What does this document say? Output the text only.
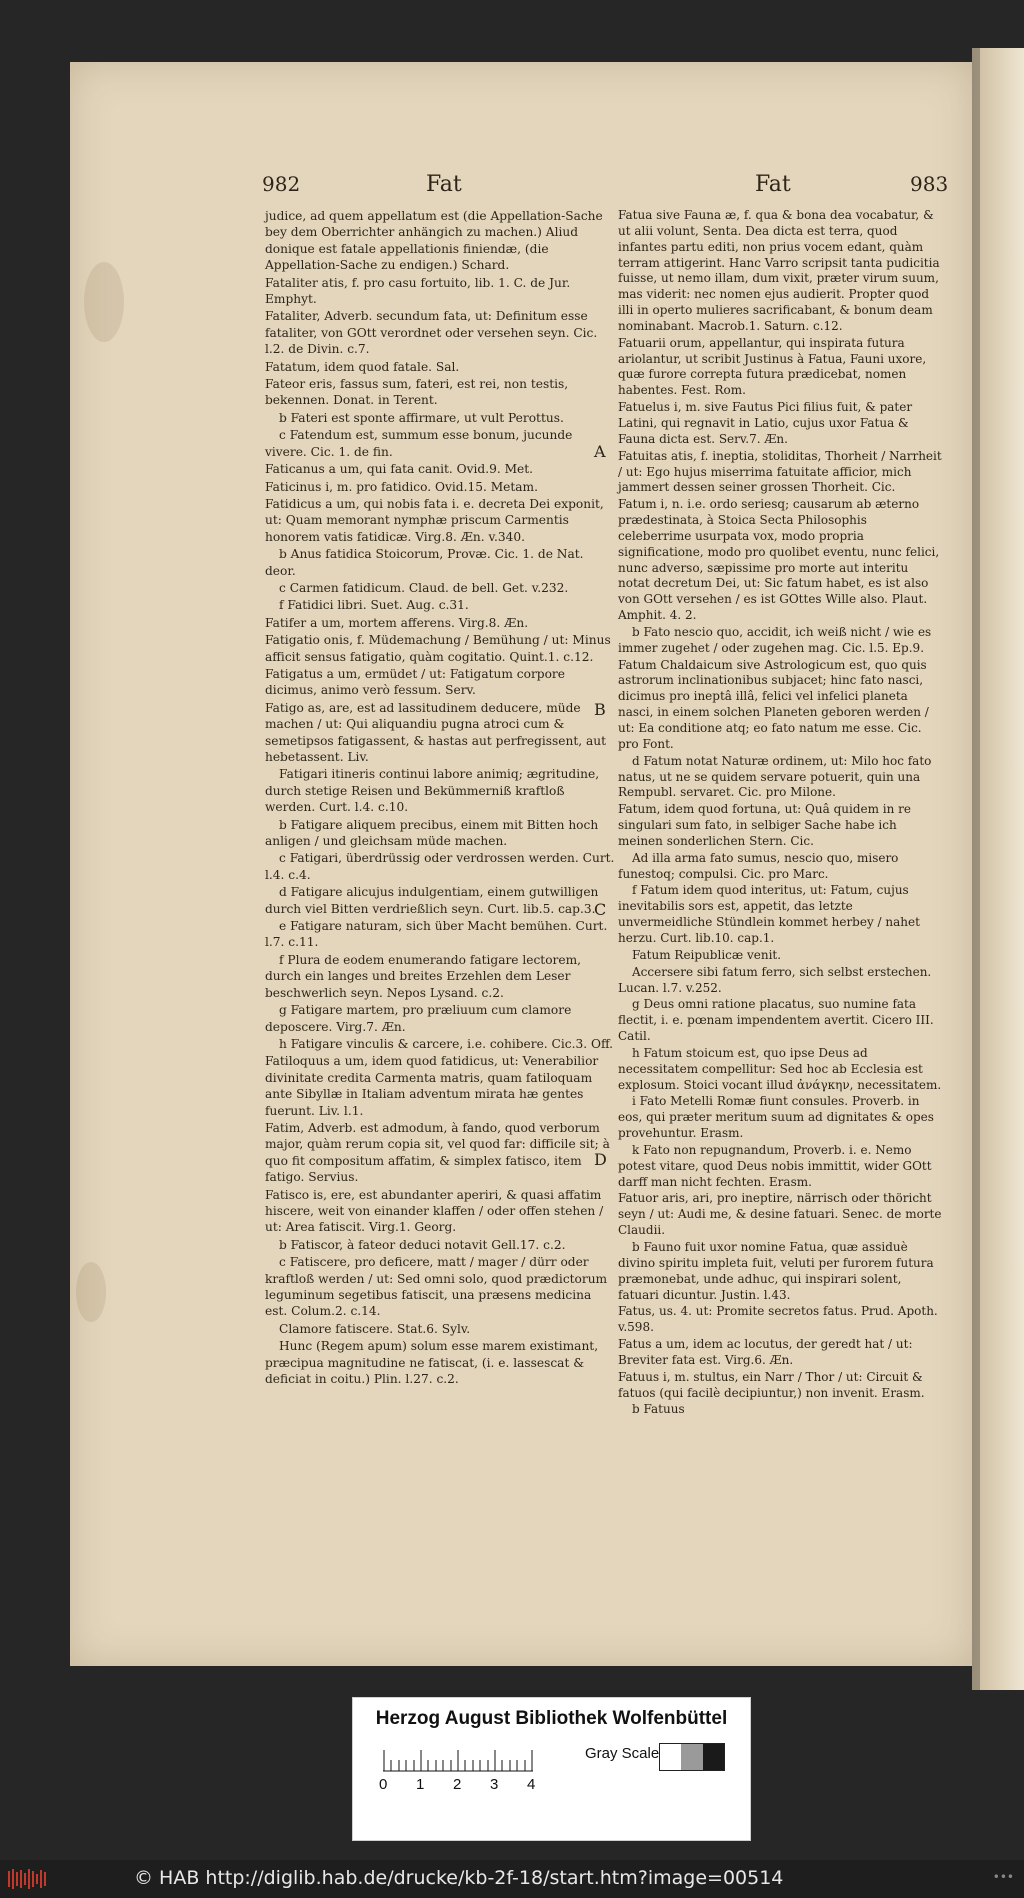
982	Fat	Fat	983

judice, ad quem appellatum est (die Appellation-Sache bey dem Oberrichter anhängich zu machen.) Aliud donique est fatale appellationis finiendæ, (die Appellation-Sache zu endigen.) Schard.

Fataliter atis, f. pro casu fortuito, lib. 1. C. de Jur. Emphyt.

Fataliter, Adverb. secundum fata, ut: Definitum esse fataliter, von GOtt verordnet oder versehen seyn. Cic. l.2. de Divin. c.7.

Fatatum, idem quod fatale. Sal.

Fateor eris, fassus sum, fateri, est rei, non testis, bekennen. Donat. in Terent.

b Fateri est sponte affirmare, ut vult Perottus.

c Fatendum est, summum esse bonum, jucunde vivere. Cic. 1. de fin.

Faticanus a um, qui fata canit. Ovid.9. Met.

Faticinus i, m. pro fatidico. Ovid.15. Metam.

Fatidicus a um, qui nobis fata i. e. decreta Dei exponit, ut: Quam memorant nymphæ priscum Carmentis honorem vatis fatidicæ. Virg.8. Æn. v.340.

b Anus fatidica Stoicorum, Provæ. Cic. 1. de Nat. deor.

c Carmen fatidicum. Claud. de bell. Get. v.232.

f Fatidici libri. Suet. Aug. c.31.

Fatifer a um, mortem afferens. Virg.8. Æn.

Fatigatio onis, f. Müdemachung / Bemühung / ut: Minus afficit sensus fatigatio, quàm cogitatio. Quint.1. c.12.

Fatigatus a um, ermüdet / ut: Fatigatum corpore dicimus, animo verò fessum. Serv.

Fatigo as, are, est ad lassitudinem deducere, müde machen / ut: Qui aliquandiu pugna atroci cum & semetipsos fatigassent, & hastas aut perfregissent, aut hebetassent. Liv.

Fatigari itineris continui labore animiq; ægritudine, durch stetige Reisen und Bekümmerniß kraftloß werden. Curt. l.4. c.10.

b Fatigare aliquem precibus, einem mit Bitten hoch anligen / und gleichsam müde machen.

c Fatigari, überdrüssig oder verdrossen werden. Curt. l.4. c.4.

d Fatigare alicujus indulgentiam, einem gutwilligen durch viel Bitten verdrießlich seyn. Curt. lib.5. cap.3.

e Fatigare naturam, sich über Macht bemühen. Curt. l.7. c.11.

f Plura de eodem enumerando fatigare lectorem, durch ein langes und breites Erzehlen dem Leser beschwerlich seyn. Nepos Lysand. c.2.

g Fatigare martem, pro præliuum cum clamore deposcere. Virg.7. Æn.

h Fatigare vinculis & carcere, i.e. cohibere. Cic.3. Off.

Fatiloquus a um, idem quod fatidicus, ut: Venerabilior divinitate credita Carmenta matris, quam fatiloquam ante Sibyllæ in Italiam adventum mirata hæ gentes fuerunt. Liv. l.1.

Fatim, Adverb. est admodum, à fando, quod verborum major, quàm rerum copia sit, vel quod far: difficile sit; à quo fit compositum affatim, & simplex fatisco, item fatigo. Servius.

Fatisco is, ere, est abundanter aperiri, & quasi affatim hiscere, weit von einander klaffen / oder offen stehen / ut: Area fatiscit. Virg.1. Georg.

b Fatiscor, à fateor deduci notavit Gell.17. c.2.

c Fatiscere, pro deficere, matt / mager / dürr oder kraftloß werden / ut: Sed omni solo, quod prædictorum leguminum segetibus fatiscit, una præsens medicina est. Colum.2. c.14.

Clamore fatiscere. Stat.6. Sylv.

Hunc (Regem apum) solum esse marem existimant, præcipua magnitudine ne fatiscat, (i. e. lassescat & deficiat in coitu.) Plin. l.27. c.2.

Fatua sive Fauna æ, f. qua & bona dea vocabatur, & ut alii volunt, Senta. Dea dicta est terra, quod infantes partu editi, non prius vocem edant, quàm terram attigerint. Hanc Varro scripsit tanta pudicitia fuisse, ut nemo illam, dum vixit, præter virum suum, mas viderit: nec nomen ejus audierit. Propter quod illi in operto mulieres sacrificabant, & bonum deam nominabant. Macrob.1. Saturn. c.12.

Fatuarii orum, appellantur, qui inspirata futura ariolantur, ut scribit Justinus à Fatua, Fauni uxore, quæ furore correpta futura prædicebat, nomen habentes. Fest. Rom.

Fatuelus i, m. sive Fautus Pici filius fuit, & pater Latini, qui regnavit in Latio, cujus uxor Fatua & Fauna dicta est. Serv.7. Æn.

Fatuitas atis, f. ineptia, stoliditas, Thorheit / Narrheit / ut: Ego hujus miserrima fatuitate afficior, mich jammert dessen seiner grossen Thorheit. Cic.

Fatum i, n. i.e. ordo seriesq; causarum ab æterno prædestinata, à Stoica Secta Philosophis celeberrime usurpata vox, modo propria significatione, modo pro quolibet eventu, nunc felici, nunc adverso, sæpissime pro morte aut interitu notat decretum Dei, ut: Sic fatum habet, es ist also von GOtt versehen / es ist GOttes Wille also. Plaut. Amphit. 4. 2.

b Fato nescio quo, accidit, ich weiß nicht / wie es immer zugehet / oder zugehen mag. Cic. l.5. Ep.9.

Fatum Chaldaicum sive Astrologicum est, quo quis astrorum inclinationibus subjacet; hinc fato nasci, dicimus pro ineptâ illâ, felici vel infelici planeta nasci, in einem solchen Planeten geboren werden / ut: Ea conditione atq; eo fato natum me esse. Cic. pro Font.

d Fatum notat Naturæ ordinem, ut: Milo hoc fato natus, ut ne se quidem servare potuerit, quin una Rempubl. servaret. Cic. pro Milone.

Fatum, idem quod fortuna, ut: Quâ quidem in re singulari sum fato, in selbiger Sache habe ich meinen sonderlichen Stern. Cic.

Ad illa arma fato sumus, nescio quo, misero funestoq; compulsi. Cic. pro Marc.

f Fatum idem quod interitus, ut: Fatum, cujus inevitabilis sors est, appetit, das letzte unvermeidliche Stündlein kommet herbey / nahet herzu. Curt. lib.10. cap.1.

Fatum Reipublicæ venit.

Accersere sibi fatum ferro, sich selbst erstechen. Lucan. l.7. v.252.

g Deus omni ratione placatus, suo numine fata flectit, i. e. pœnam impendentem avertit. Cicero III. Catil.

h Fatum stoicum est, quo ipse Deus ad necessitatem compellitur: Sed hoc ab Ecclesia est explosum. Stoici vocant illud ἀνάγκην, necessitatem.

i Fato Metelli Romæ fiunt consules. Proverb. in eos, qui præter meritum suum ad dignitates & opes provehuntur. Erasm.

k Fato non repugnandum, Proverb. i. e. Nemo potest vitare, quod Deus nobis immittit, wider GOtt darff man nicht fechten. Erasm.

Fatuor aris, ari, pro ineptire, närrisch oder thöricht seyn / ut: Audi me, & desine fatuari. Senec. de morte Claudii.

b Fauno fuit uxor nomine Fatua, quæ assiduè divino spiritu impleta fuit, veluti per furorem futura præmonebat, unde adhuc, qui inspirari solent, fatuari dicuntur. Justin. l.43.

Fatus, us. 4. ut: Promite secretos fatus. Prud. Apoth. v.598.

Fatus a um, idem ac locutus, der geredt hat / ut: Breviter fata est. Virg.6. Æn.

Fatuus i, m. stultus, ein Narr / Thor / ut: Circuit & fatuos (qui facilè decipiuntur,) non invenit. Erasm.

b Fatuus

A
B
C
D
Herzog August Bibliothek Wolfenbüttel
0 1 2 3 4
Gray Scale
© HAB http://diglib.hab.de/drucke/kb-2f-18/start.htm?image=00514	•••
